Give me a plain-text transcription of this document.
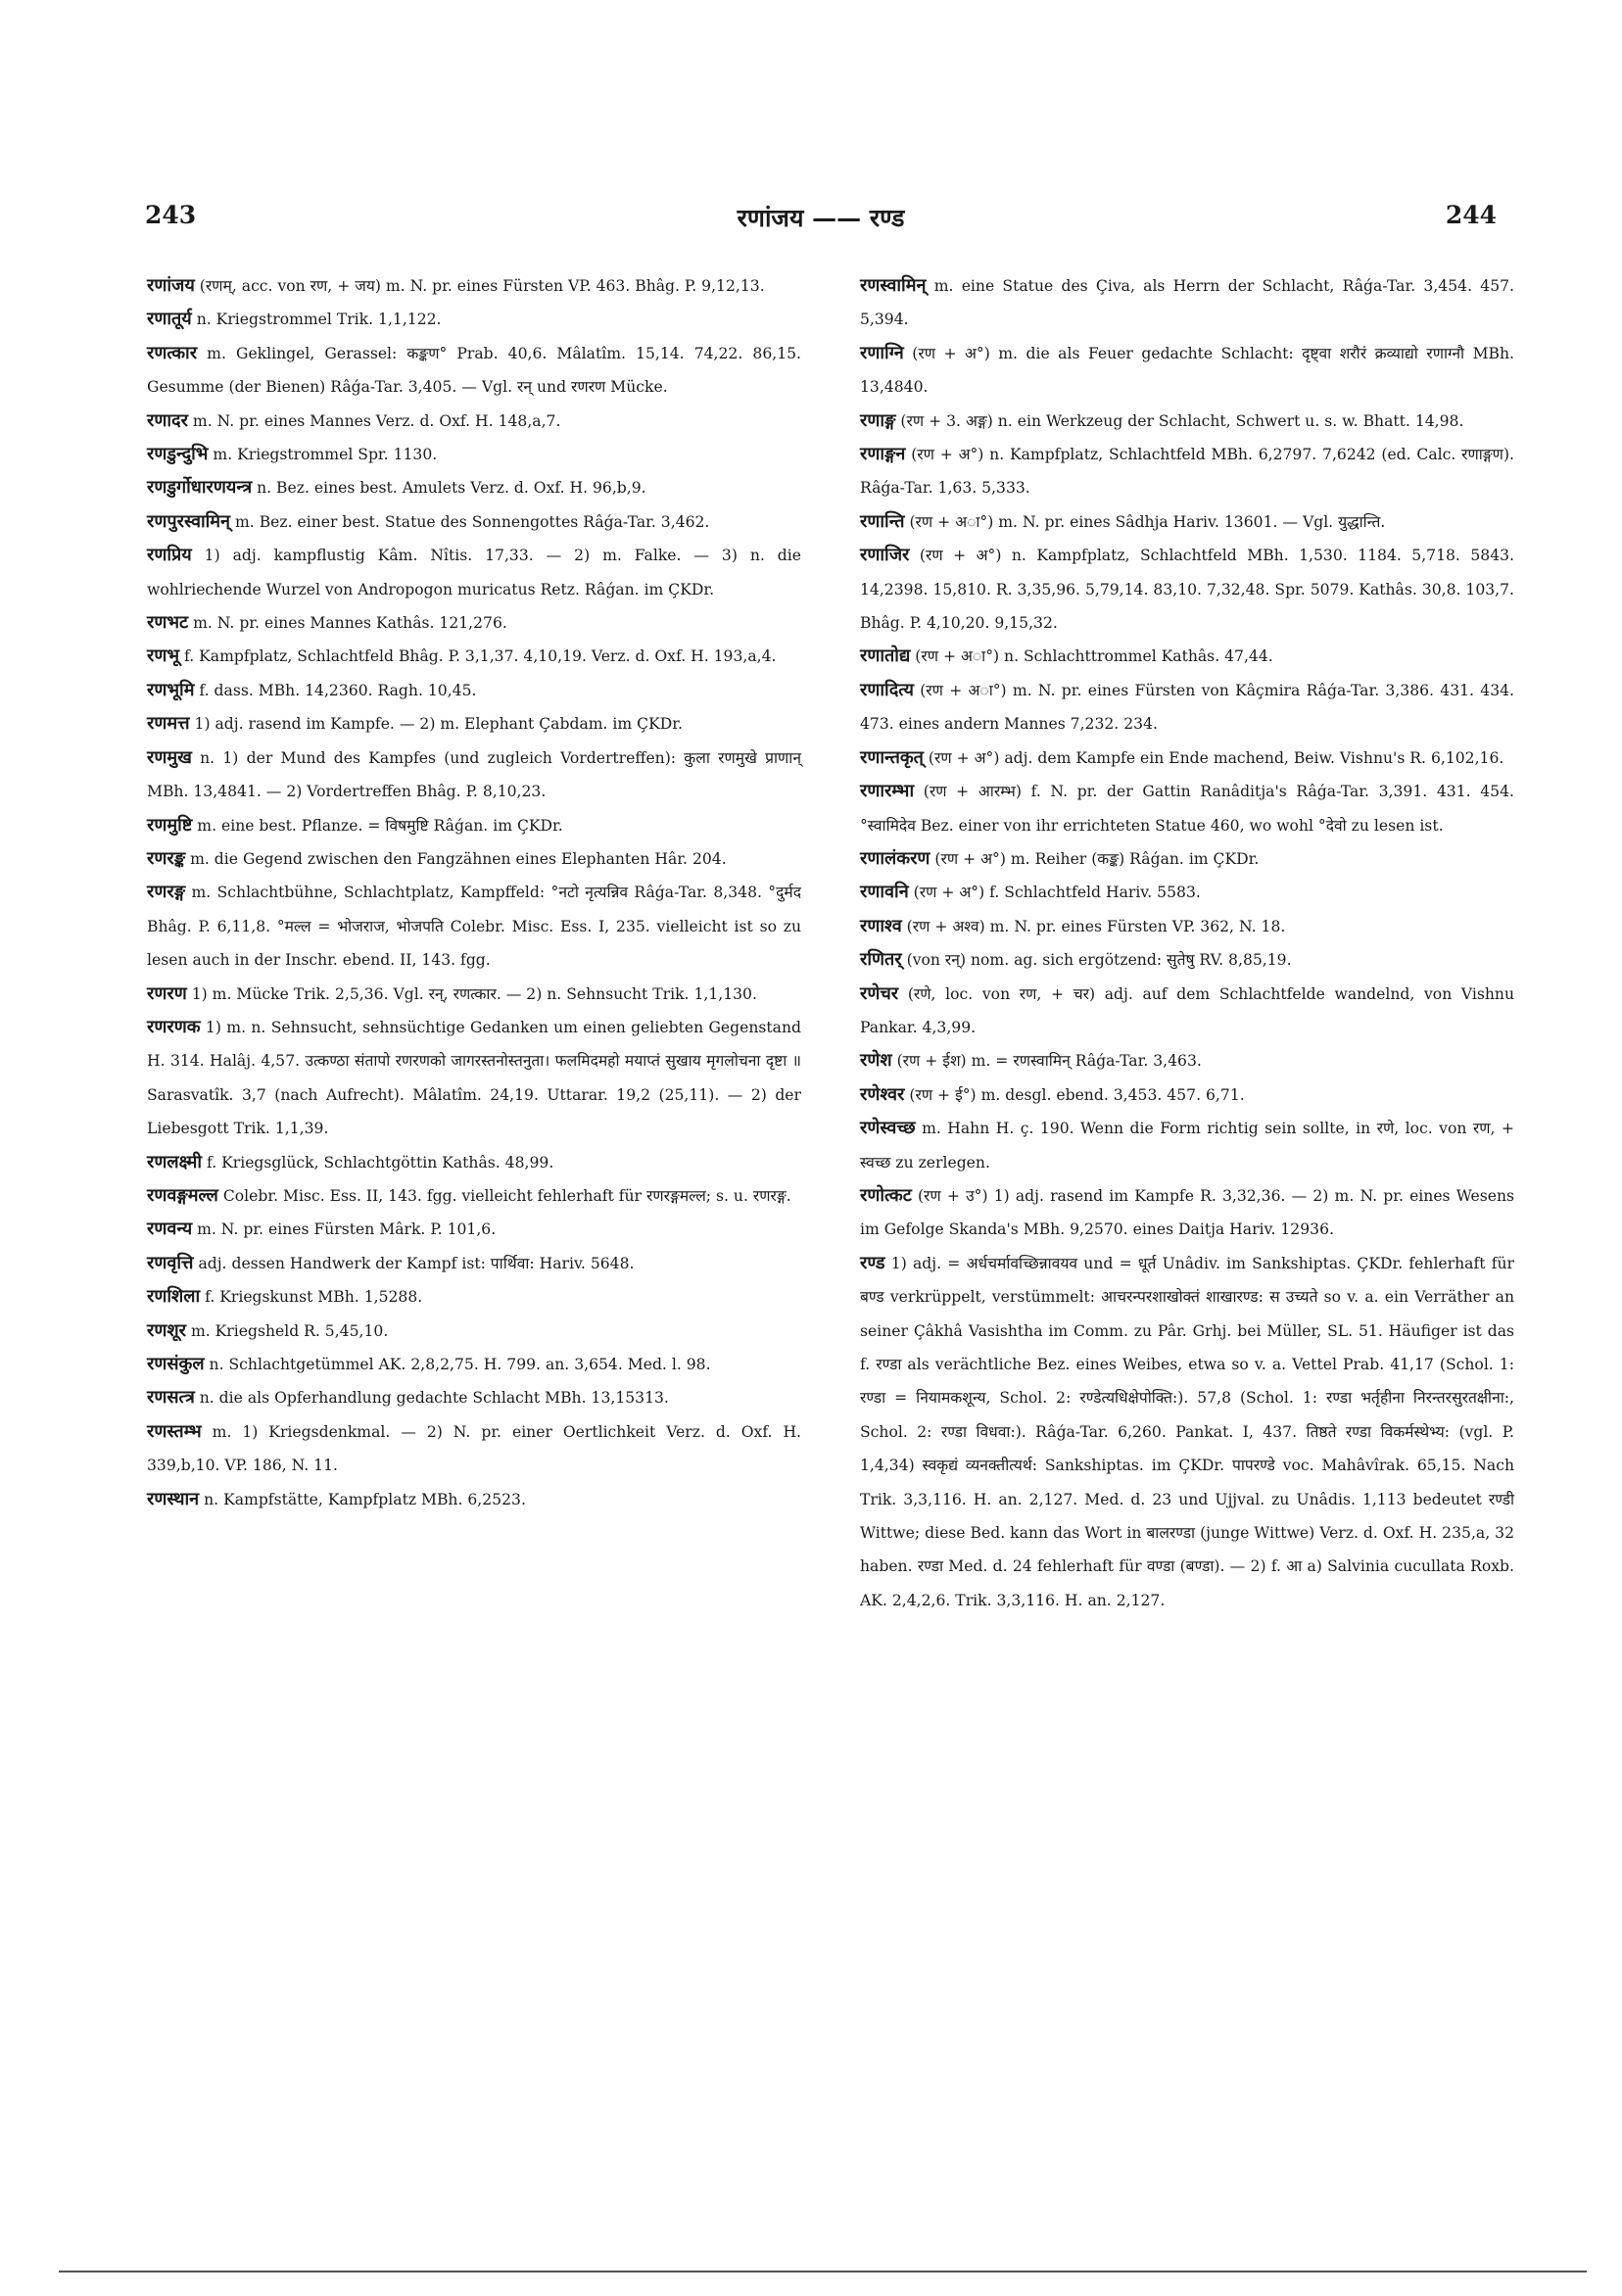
243	रणांजय —— रण्ड	244

रणांजय (रणम्, acc. von रण, + जय) m. N. pr. eines Fürsten VP. 463. Bhâg. P. 9,12,13.

रणातूर्य n. Kriegstrommel Trik. 1,1,122.

रणत्कार m. Geklingel, Gerassel: कङ्कण° Prab. 40,6. Mâlatîm. 15,14. 74,22. 86,15. Gesumme (der Bienen) Râǵa-Tar. 3,405. — Vgl. रन् und रणरण Mücke.

रणादर m. N. pr. eines Mannes Verz. d. Oxf. H. 148,a,7.

रणडुन्दुभि m. Kriegstrommel Spr. 1130.

रणडुर्गोधारणयन्त्र n. Bez. eines best. Amulets Verz. d. Oxf. H. 96,b,9.

रणपुरस्वामिन् m. Bez. einer best. Statue des Sonnengottes Râǵa-Tar. 3,462.

रणप्रिय 1) adj. kampflustig Kâm. Nîtis. 17,33. — 2) m. Falke. — 3) n. die wohlriechende Wurzel von Andropogon muricatus Retz. Râǵan. im ÇKDr.

रणभट m. N. pr. eines Mannes Kathâs. 121,276.

रणभू f. Kampfplatz, Schlachtfeld Bhâg. P. 3,1,37. 4,10,19. Verz. d. Oxf. H. 193,a,4.

रणभूमि f. dass. MBh. 14,2360. Ragh. 10,45.

रणमत्त 1) adj. rasend im Kampfe. — 2) m. Elephant Çabdam. im ÇKDr.

रणमुख n. 1) der Mund des Kampfes (und zugleich Vordertreffen): कुला रणमुखे प्राणान् MBh. 13,4841. — 2) Vordertreffen Bhâg. P. 8,10,23.

रणमुष्टि m. eine best. Pflanze. = विषमुष्टि Râǵan. im ÇKDr.

रणरङ्क m. die Gegend zwischen den Fangzähnen eines Elephanten Hâr. 204.

रणरङ्ग m. Schlachtbühne, Schlachtplatz, Kampffeld: °नटो नृत्यन्निव Râǵa-Tar. 8,348. °दुर्मद Bhâg. P. 6,11,8. °मल्ल = भोजराज, भोजपति Colebr. Misc. Ess. I, 235. vielleicht ist so zu lesen auch in der Inschr. ebend. II, 143. fgg.

रणरण 1) m. Mücke Trik. 2,5,36. Vgl. रन्, रणत्कार. — 2) n. Sehnsucht Trik. 1,1,130.

रणरणक 1) m. n. Sehnsucht, sehnsüchtige Gedanken um einen geliebten Gegenstand H. 314. Halâj. 4,57. उत्कण्ठा संतापो रणरणको जागरस्तनोस्तनुता। फलमिदमहो मयाप्तं सुखाय मृगलोचना दृष्टा ॥ Sarasvatîk. 3,7 (nach Aufrecht). Mâlatîm. 24,19. Uttarar. 19,2 (25,11). — 2) der Liebesgott Trik. 1,1,39.

रणलक्ष्मी f. Kriegsglück, Schlachtgöttin Kathâs. 48,99.

रणवङ्गमल्ल Colebr. Misc. Ess. II, 143. fgg. vielleicht fehlerhaft für रणरङ्गमल्ल; s. u. रणरङ्ग.

रणवन्य m. N. pr. eines Fürsten Mârk. P. 101,6.

रणवृत्ति adj. dessen Handwerk der Kampf ist: पार्थिवा: Hariv. 5648.

रणशिला f. Kriegskunst MBh. 1,5288.

रणशूर m. Kriegsheld R. 5,45,10.

रणसंकुल n. Schlachtgetümmel AK. 2,8,2,75. H. 799. an. 3,654. Med. l. 98.

रणसत्त्र n. die als Opferhandlung gedachte Schlacht MBh. 13,15313.

रणस्तम्भ m. 1) Kriegsdenkmal. — 2) N. pr. einer Oertlichkeit Verz. d. Oxf. H. 339,b,10. VP. 186, N. 11.

रणस्थान n. Kampfstätte, Kampfplatz MBh. 6,2523.

रणस्वामिन् m. eine Statue des Çiva, als Herrn der Schlacht, Râǵa-Tar. 3,454. 457. 5,394.

रणाग्नि (रण + अ°) m. die als Feuer gedachte Schlacht: दृष्ट्वा शरौरं क्रव्याद्यो रणाग्नौ MBh. 13,4840.

रणाङ्ग (रण + 3. अङ्ग) n. ein Werkzeug der Schlacht, Schwert u. s. w. Bhatt. 14,98.

रणाङ्गन (रण + अ°) n. Kampfplatz, Schlachtfeld MBh. 6,2797. 7,6242 (ed. Calc. रणाङ्गण). Râǵa-Tar. 1,63. 5,333.

रणान्ति (रण + अा°) m. N. pr. eines Sâdhja Hariv. 13601. — Vgl. युद्धान्ति.

रणाजिर (रण + अ°) n. Kampfplatz, Schlachtfeld MBh. 1,530. 1184. 5,718. 5843. 14,2398. 15,810. R. 3,35,96. 5,79,14. 83,10. 7,32,48. Spr. 5079. Kathâs. 30,8. 103,7. Bhâg. P. 4,10,20. 9,15,32.

रणातोद्य (रण + अा°) n. Schlachttrommel Kathâs. 47,44.

रणादित्य (रण + अा°) m. N. pr. eines Fürsten von Kâçmira Râǵa-Tar. 3,386. 431. 434. 473. eines andern Mannes 7,232. 234.

रणान्तकृत् (रण + अ°) adj. dem Kampfe ein Ende machend, Beiw. Vishnu's R. 6,102,16.

रणारम्भा (रण + आरम्भ) f. N. pr. der Gattin Ranâditja's Râǵa-Tar. 3,391. 431. 454. °स्वामिदेव Bez. einer von ihr errichteten Statue 460, wo wohl °देवो zu lesen ist.

रणालंकरण (रण + अ°) m. Reiher (कङ्क) Râǵan. im ÇKDr.

रणावनि (रण + अ°) f. Schlachtfeld Hariv. 5583.

रणाश्व (रण + अश्व) m. N. pr. eines Fürsten VP. 362, N. 18.

रणितर् (von रन्) nom. ag. sich ergötzend: सुतेषु RV. 8,85,19.

रणेचर (रणे, loc. von रण, + चर) adj. auf dem Schlachtfelde wandelnd, von Vishnu Pankar. 4,3,99.

रणेश (रण + ईश) m. = रणस्वामिन् Râǵa-Tar. 3,463.

रणेश्वर (रण + ई°) m. desgl. ebend. 3,453. 457. 6,71.

रणेस्वच्छ m. Hahn H. ç. 190. Wenn die Form richtig sein sollte, in रणे, loc. von रण, + स्वच्छ zu zerlegen.

रणोत्कट (रण + उ°) 1) adj. rasend im Kampfe R. 3,32,36. — 2) m. N. pr. eines Wesens im Gefolge Skanda's MBh. 9,2570. eines Daitja Hariv. 12936.

रण्ड 1) adj. = अर्धचर्मावच्छिन्नावयव und = धूर्त Unâdiv. im Sankshiptas. ÇKDr. fehlerhaft für बण्ड verkrüppelt, verstümmelt: आचरन्परशाखोक्तं शाखारण्ड: स उच्यते so v. a. ein Verräther an seiner Çâkhâ Vasishtha im Comm. zu Pâr. Grhj. bei Müller, SL. 51. Häufiger ist das f. रण्डा als verächtliche Bez. eines Weibes, etwa so v. a. Vettel Prab. 41,17 (Schol. 1: रण्डा = नियामकशून्य, Schol. 2: रण्डेत्यधिक्षेपोक्ति:). 57,8 (Schol. 1: रण्डा भर्तृहीना निरन्तरसुरतक्षीना:, Schol. 2: रण्डा विधवा:). Râǵa-Tar. 6,260. Pankat. I, 437. तिष्ठते रण्डा विकर्मस्थेभ्य: (vgl. P. 1,4,34) स्वकृद्यं व्यनक्तीत्यर्थ: Sankshiptas. im ÇKDr. पापरण्डे voc. Mahâvîrak. 65,15. Nach Trik. 3,3,116. H. an. 2,127. Med. d. 23 und Ujjval. zu Unâdis. 1,113 bedeutet रण्डी Wittwe; diese Bed. kann das Wort in बालरण्डा (junge Wittwe) Verz. d. Oxf. H. 235,a, 32 haben. रण्डा Med. d. 24 fehlerhaft für वण्डा (बण्डा). — 2) f. आ a) Salvinia cucullata Roxb. AK. 2,4,2,6. Trik. 3,3,116. H. an. 2,127.
